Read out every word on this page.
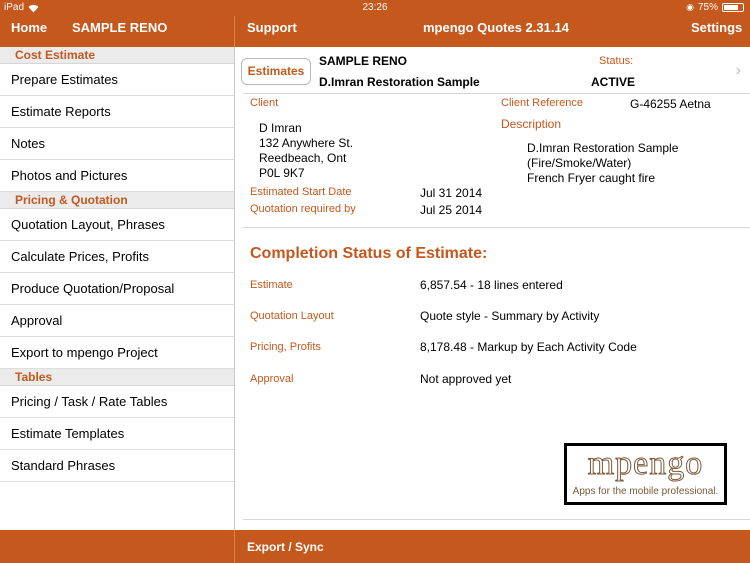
iPad	23:26	◉ 75%
Home SAMPLE RENO	Support	mpengo Quotes 2.31.14	Settings
Cost Estimate
Prepare Estimates
Estimate Reports
Notes
Photos and Pictures
Pricing & Quotation
Quotation Layout, Phrases
Calculate Prices, Profits
Produce Quotation/Proposal
Approval
Export to mpengo Project
Tables
Pricing / Task / Rate Tables
Estimate Templates
Standard Phrases
Estimates
SAMPLE RENO
D.Imran Restoration Sample
Status:
ACTIVE
›
Client
D Imran
132 Anywhere St.
Reedbeach, Ont
P0L 9K7
Client Reference	G-46255 Aetna
Description
D.Imran Restoration Sample
(Fire/Smoke/Water)
French Fryer caught fire
Estimated Start Date	Jul 31 2014
Quotation required by	Jul 25 2014
Completion Status of Estimate:
Estimate	6,857.54 - 18 lines entered
Quotation Layout	Quote style - Summary by Activity
Pricing, Profits	8,178.48 - Markup by Each Activity Code
Approval	Not approved yet
mpengo
Apps for the mobile professional.
Export / Sync
